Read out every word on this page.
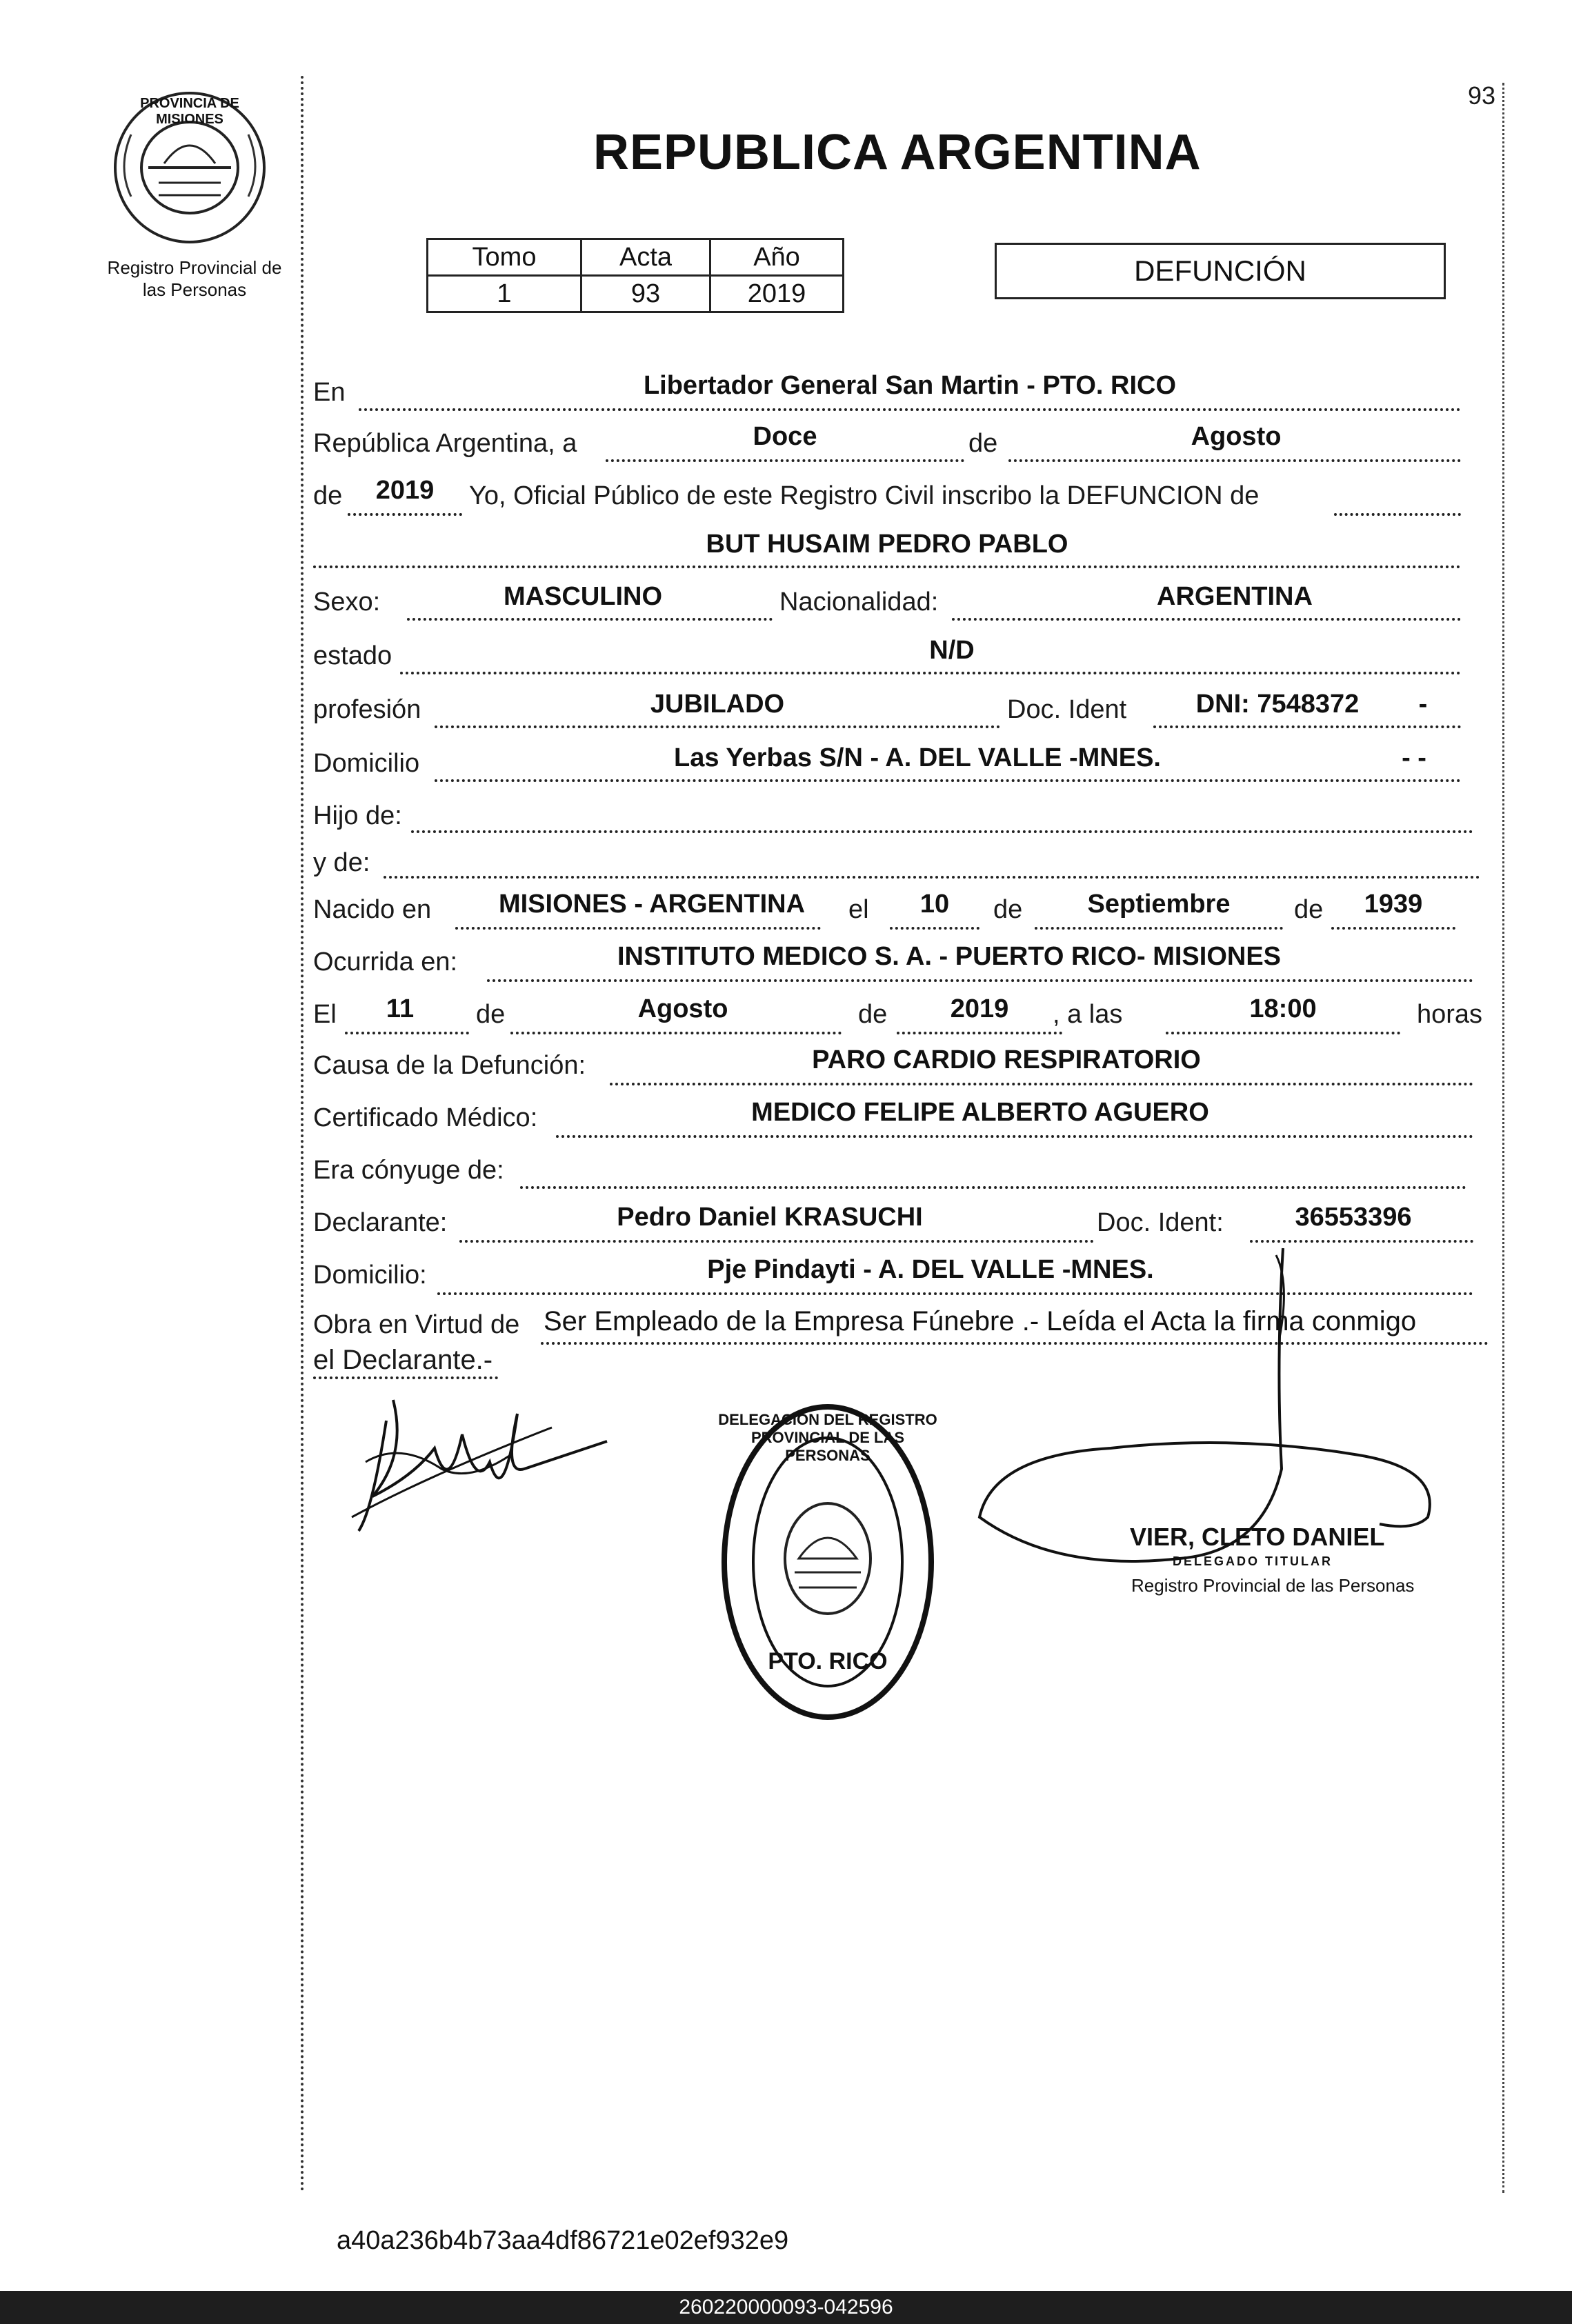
93
PROVINCIA DE MISIONES
Registro Provincial de
las Personas
REPUBLICA ARGENTINA
Tomo	Acta	Año
1	93	2019
DEFUNCIÓN
En	Libertador General San Martin - PTO. RICO
República Argentina, a	Doce	de	Agosto
de	2019	Yo, Oficial Público de este Registro Civil inscribo la DEFUNCION de
BUT HUSAIM PEDRO PABLO
Sexo:	MASCULINO	Nacionalidad:	ARGENTINA
estado	N/D
profesión	JUBILADO	Doc. Ident	DNI: 7548372	-
Domicilio	Las Yerbas S/N - A. DEL VALLE -MNES.	- -
Hijo de:
y de:
Nacido en	MISIONES - ARGENTINA	el	10	de	Septiembre	de	1939
Ocurrida en:	INSTITUTO MEDICO S. A. - PUERTO RICO- MISIONES
El	11	de	Agosto	de	2019	, a las	18:00	horas
Causa de la Defunción:	PARO CARDIO RESPIRATORIO
Certificado Médico:	MEDICO FELIPE ALBERTO AGUERO
Era cónyuge de:
Declarante:	Pedro Daniel KRASUCHI	Doc. Ident:	36553396
Domicilio:	Pje Pindayti - A. DEL VALLE -MNES.
Obra en Virtud de Ser Empleado de la Empresa Fúnebre .- Leída el Acta la firma conmigo
el Declarante.-
DELEGACION DEL REGISTRO PROVINCIAL DE LAS PERSONAS
PTO. RICO
VIER, CLETO DANIEL
DELEGADO TITULAR
Registro Provincial de las Personas
a40a236b4b73aa4df86721e02ef932e9
260220000093-042596
